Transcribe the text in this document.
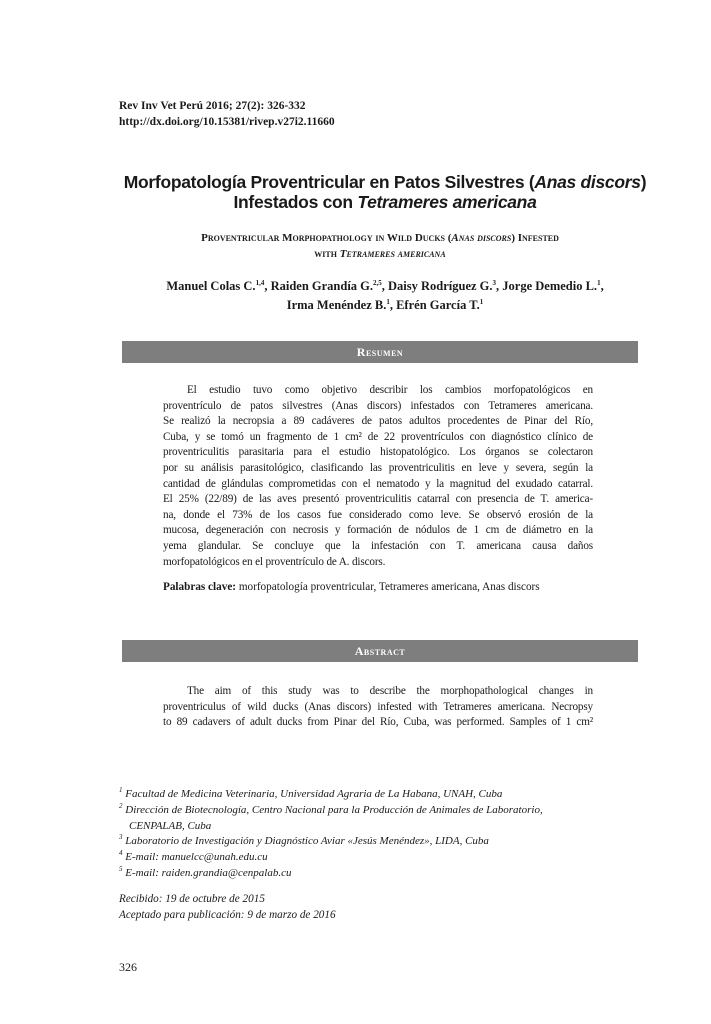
Rev Inv Vet Perú 2016; 27(2): 326-332
http://dx.doi.org/10.15381/rivep.v27i2.11660
Morfopatología Proventricular en Patos Silvestres (Anas discors)
Infestados con Tetrameres americana
Proventricular Morphopathology in Wild Ducks (Anas discors) Infested
with Tetrameres americana
Manuel Colas C.$^{1,4}$, Raiden Grandía G.$^{2,5}$, Daisy Rodríguez G.$^3$, Jorge Demedio L.$^1$,
Irma Menéndez B.$^1$, Efrén García T.$^1$
Resumen
El estudio tuvo como objetivo describir los cambios morfopatológicos en
proventrículo de patos silvestres (Anas discors) infestados con Tetrameres americana.
Se realizó la necropsia a 89 cadáveres de patos adultos procedentes de Pinar del Río,
Cuba, y se tomó un fragmento de 1 cm² de 22 proventrículos con diagnóstico clínico de
proventriculitis parasitaria para el estudio histopatológico. Los órganos se colectaron
por su análisis parasitológico, clasificando las proventriculitis en leve y severa, según la
cantidad de glándulas comprometidas con el nematodo y la magnitud del exudado catarral.
El 25% (22/89) de las aves presentó proventriculitis catarral con presencia de T. america-
na, donde el 73% de los casos fue considerado como leve. Se observó erosión de la
mucosa, degeneración con necrosis y formación de nódulos de 1 cm de diámetro en la
yema glandular. Se concluye que la infestación con T. americana causa daños
morfopatológicos en el proventrículo de A. discors.
Palabras clave: morfopatología proventricular, Tetrameres americana, Anas discors
Abstract
The aim of this study was to describe the morphopathological changes in
proventriculus of wild ducks (Anas discors) infested with Tetrameres americana. Necropsy
to 89 cadavers of adult ducks from Pinar del Río, Cuba, was performed. Samples of 1 cm²
$^1$ Facultad de Medicina Veterinaria, Universidad Agraria de La Habana, UNAH, Cuba
$^2$ Dirección de Biotecnología, Centro Nacional para la Producción de Animales de Laboratorio,
CENPALAB, Cuba
$^3$ Laboratorio de Investigación y Diagnóstico Aviar «Jesús Menéndez», LIDA, Cuba
$^4$ E-mail: manuelcc@unah.edu.cu
$^5$ E-mail: raiden.grandia@cenpalab.cu
Recibido: 19 de octubre de 2015
Aceptado para publicación: 9 de marzo de 2016
326
